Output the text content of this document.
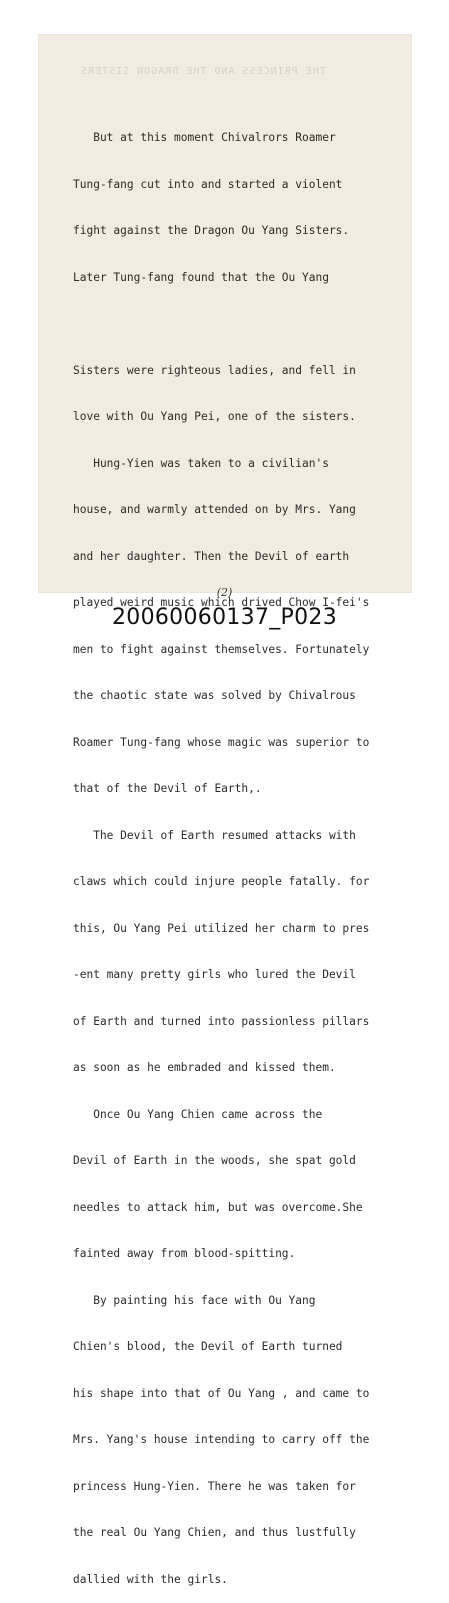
THE PRINCESS AND THE DRAGON SISTERS

But at this moment Chivalrors Roamer

Tung-fang cut into and started a violent

fight against the Dragon Ou Yang Sisters.

Later Tung-fang found that the Ou Yang

Sisters were righteous ladies, and fell in

love with Ou Yang Pei, one of the sisters.

Hung-Yien was taken to a civilian's

house, and warmly attended on by Mrs. Yang

and her daughter. Then the Devil of earth

played weird music which drived Chow I-fei's

men to fight against themselves. Fortunately

the chaotic state was solved by Chivalrous

Roamer Tung-fang whose magic was superior to

that of the Devil of Earth,.

The Devil of Earth resumed attacks with

claws which could injure people fatally. for

this, Ou Yang Pei utilized her charm to pres

-ent many pretty girls who lured the Devil

of Earth and turned into passionless pillars

as soon as he embraded and kissed them.

Once Ou Yang Chien came across the

Devil of Earth in the woods, she spat gold

needles to attack him, but was overcome.She

fainted away from blood-spitting.

By painting his face with Ou Yang

Chien's blood, the Devil of Earth turned

his shape into that of Ou Yang , and came to

Mrs. Yang's house intending to carry off the

princess Hung-Yien. There he was taken for

the real Ou Yang Chien, and thus lustfully

dallied with the girls.

(2)
20060060137_P023
